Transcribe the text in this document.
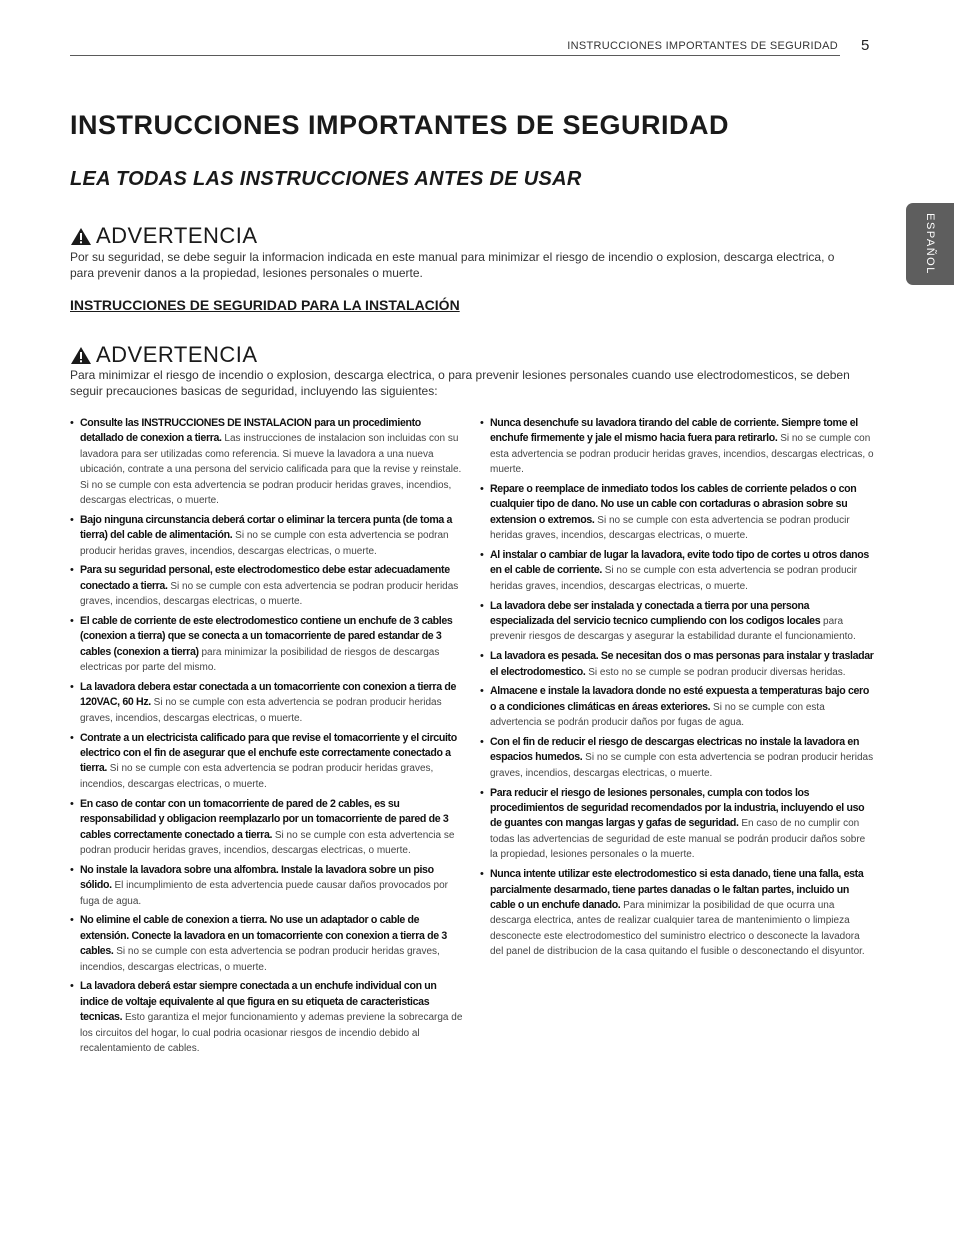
INSTRUCCIONES IMPORTANTES DE SEGURIDAD 5
ESPAÑOL
INSTRUCCIONES IMPORTANTES DE SEGURIDAD
LEA TODAS LAS INSTRUCCIONES ANTES DE USAR
ADVERTENCIA

Por su seguridad, se debe seguir la informacion indicada en este manual para minimizar el riesgo de incendio o explosion, descarga electrica, o para prevenir danos a la propiedad, lesiones personales o muerte.

INSTRUCCIONES DE SEGURIDAD PARA LA INSTALACIÓN
ADVERTENCIA

Para minimizar el riesgo de incendio o explosion, descarga electrica, o para prevenir lesiones personales cuando use electrodomesticos, se deben seguir precauciones basicas de seguridad, incluyendo las siguientes:

• Consulte las INSTRUCCIONES DE INSTALACION para un procedimiento detallado de conexion a tierra. Las instrucciones de instalacion son incluidas con su lavadora para ser utilizadas como referencia. Si mueve la lavadora a una nueva ubicación, contrate a una persona del servicio calificada para que la revise y reinstale. Si no se cumple con esta advertencia se podran producir heridas graves, incendios, descargas electricas, o muerte.
• Bajo ninguna circunstancia deberá cortar o eliminar la tercera punta (de toma a tierra) del cable de alimentación. Si no se cumple con esta advertencia se podran producir heridas graves, incendios, descargas electricas, o muerte.
• Para su seguridad personal, este electrodomestico debe estar adecuadamente conectado a tierra. Si no se cumple con esta advertencia se podran producir heridas graves, incendios, descargas electricas, o muerte.
• El cable de corriente de este electrodomestico contiene un enchufe de 3 cables (conexion a tierra) que se conecta a un tomacorriente de pared estandar de 3 cables (conexion a tierra) para minimizar la posibilidad de riesgos de descargas electricas por parte del mismo.
• La lavadora debera estar conectada a un tomacorriente con conexion a tierra de 120VAC, 60 Hz. Si no se cumple con esta advertencia se podran producir heridas graves, incendios, descargas electricas, o muerte.
• Contrate a un electricista calificado para que revise el tomacorriente y el circuito electrico con el fin de asegurar que el enchufe este correctamente conectado a tierra. Si no se cumple con esta advertencia se podran producir heridas graves, incendios, descargas electricas, o muerte.
• En caso de contar con un tomacorriente de pared de 2 cables, es su responsabilidad y obligacion reemplazarlo por un tomacorriente de pared de 3 cables correctamente conectado a tierra. Si no se cumple con esta advertencia se podran producir heridas graves, incendios, descargas electricas, o muerte.
• No instale la lavadora sobre una alfombra. Instale la lavadora sobre un piso sólido. El incumplimiento de esta advertencia puede causar daños provocados por fuga de agua.
• No elimine el cable de conexion a tierra. No use un adaptador o cable de extensión. Conecte la lavadora en un tomacorriente con conexion a tierra de 3 cables. Si no se cumple con esta advertencia se podran producir heridas graves, incendios, descargas electricas, o muerte.
• La lavadora deberá estar siempre conectada a un enchufe individual con un indice de voltaje equivalente al que figura en su etiqueta de caracteristicas tecnicas. Esto garantiza el mejor funcionamiento y ademas previene la sobrecarga de los circuitos del hogar, lo cual podria ocasionar riesgos de incendio debido al recalentamiento de cables.
• Nunca desenchufe su lavadora tirando del cable de corriente. Siempre tome el enchufe firmemente y jale el mismo hacia fuera para retirarlo. Si no se cumple con esta advertencia se podran producir heridas graves, incendios, descargas electricas, o muerte.
• Repare o reemplace de inmediato todos los cables de corriente pelados o con cualquier tipo de dano. No use un cable con cortaduras o abrasion sobre su extension o extremos. Si no se cumple con esta advertencia se podran producir heridas graves, incendios, descargas electricas, o muerte.
• Al instalar o cambiar de lugar la lavadora, evite todo tipo de cortes u otros danos en el cable de corriente. Si no se cumple con esta advertencia se podran producir heridas graves, incendios, descargas electricas, o muerte.
• La lavadora debe ser instalada y conectada a tierra por una persona especializada del servicio tecnico cumpliendo con los codigos locales para prevenir riesgos de descargas y asegurar la estabilidad durante el funcionamiento.
• La lavadora es pesada. Se necesitan dos o mas personas para instalar y trasladar el electrodomestico. Si esto no se cumple se podran producir diversas heridas.
• Almacene e instale la lavadora donde no esté expuesta a temperaturas bajo cero o a condiciones climáticas en áreas exteriores. Si no se cumple con esta advertencia se podrán producir daños por fugas de agua.
• Con el fin de reducir el riesgo de descargas electricas no instale la lavadora en espacios humedos. Si no se cumple con esta advertencia se podran producir heridas graves, incendios, descargas electricas, o muerte.
• Para reducir el riesgo de lesiones personales, cumpla con todos los procedimientos de seguridad recomendados por la industria, incluyendo el uso de guantes con mangas largas y gafas de seguridad. En caso de no cumplir con todas las advertencias de seguridad de este manual se podrán producir daños sobre la propiedad, lesiones personales o la muerte.
• Nunca intente utilizar este electrodomestico si esta danado, tiene una falla, esta parcialmente desarmado, tiene partes danadas o le faltan partes, incluido un cable o un enchufe danado. Para minimizar la posibilidad de que ocurra una descarga electrica, antes de realizar cualquier tarea de mantenimiento o limpieza desconecte este electrodomestico del suministro electrico o desconecte la lavadora del panel de distribucion de la casa quitando el fusible o desconectando el disyuntor.
